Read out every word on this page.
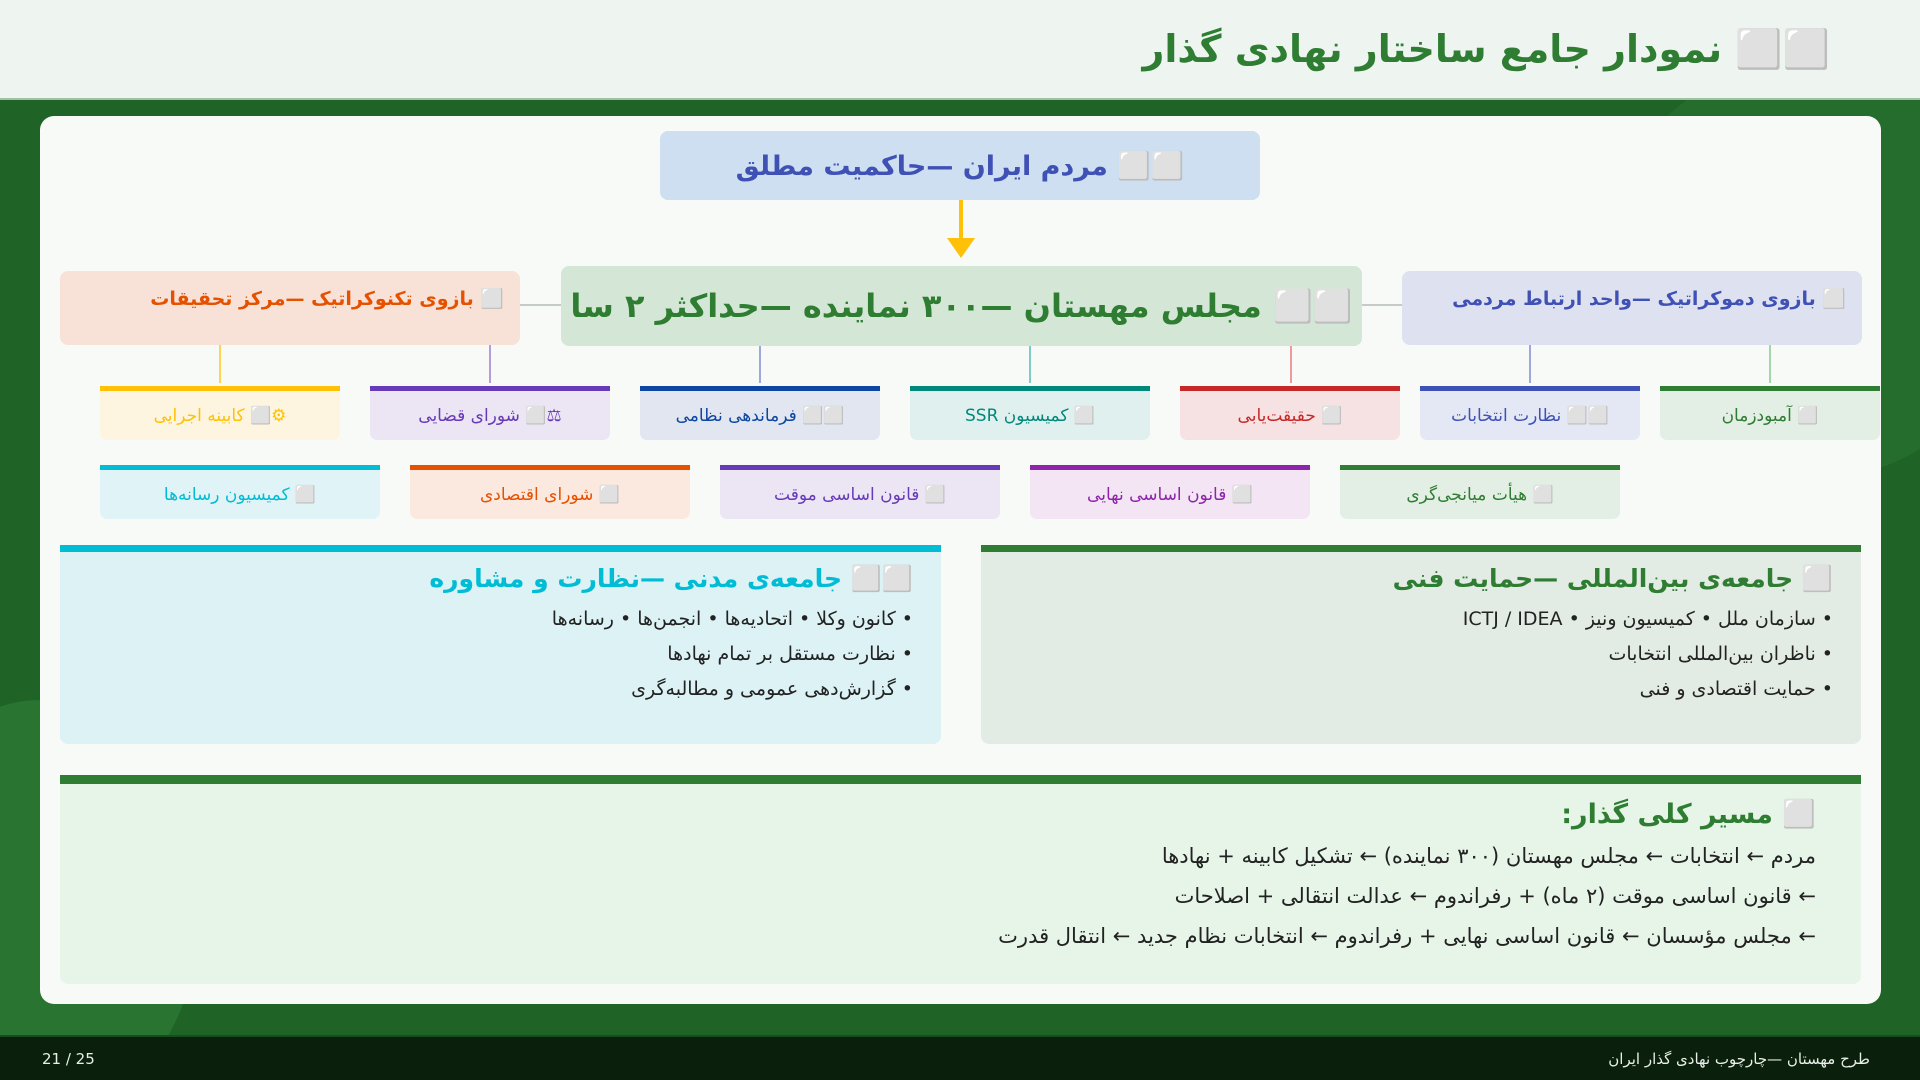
⬜⬜ نمودار جامع ساختار نهادی گذار
⬜⬜ مردم ایران —حاکمیت مطلق
⬜ بازوی تکنوکراتیک —مرکز تحقیقات	⬜⬜ مجلس مهستان —۳۰۰ نماینده —حداکثر ۲ سا	⬜ بازوی دموکراتیک —واحد ارتباط مردمی
⬜ آمبودزمان
⬜⬜ نظارت انتخابات
⬜ حقیقت‌یابی
⬜ کمیسیون SSR
⬜⬜ فرماندهی نظامی
⚖⬜ شورای قضایی
⚙⬜ کابینه اجرایی
⬜ هیأت میانجی‌گری
⬜ قانون اساسی نهایی
⬜ قانون اساسی موقت
⬜ شورای اقتصادی
⬜ کمیسیون رسانه‌ها
⬜ جامعه‌ی بین‌المللی —حمایت فنی
• سازمان ملل • کمیسیون ونیز • ICTJ / IDEA
• ناظران بین‌المللی انتخابات
• حمایت اقتصادی و فنی
⬜⬜ جامعه‌ی مدنی —نظارت و مشاوره
• کانون وکلا • اتحادیه‌ها • انجمن‌ها • رسانه‌ها
• نظارت مستقل بر تمام نهادها
• گزارش‌دهی عمومی و مطالبه‌گری
⬜ مسیر کلی گذار:
مردم ← انتخابات ← مجلس مهستان (۳۰۰ نماینده) ← تشکیل کابینه + نهادها
← قانون اساسی موقت (۲ ماه) + رفراندوم ← عدالت انتقالی + اصلاحات
← مجلس مؤسسان ← قانون اساسی نهایی + رفراندوم ← انتخابات نظام جدید ← انتقال قدرت
طرح مهستان —چارچوب نهادی گذار ایران
21 / 25
